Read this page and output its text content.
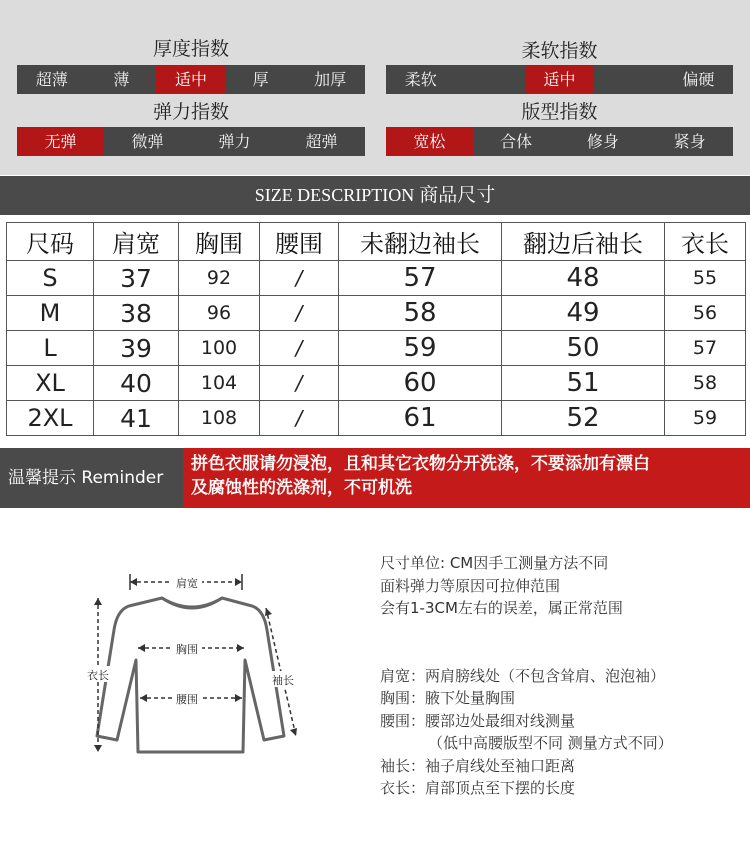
厚度指数
超薄	薄	适中	厚	加厚
柔软指数
柔软	适中	偏硬
弹力指数
无弹	微弹	弹力	超弹
版型指数
宽松	合体	修身	紧身
SIZE DESCRIPTION 商品尺寸
尺码	肩宽	胸围	腰围	未翻边袖长	翻边后袖长	衣长
S	37	92	/	57	48	55
M	38	96	/	58	49	56
L	39	100	/	59	50	57
XL	40	104	/	60	51	58
2XL	41	108	/	61	52	59
温馨提示 Reminder
拼色衣服请勿浸泡，且和其它衣物分开洗涤，不要添加有漂白
及腐蚀性的洗涤剂，不可机洗
肩宽
胸围
腰围
衣长	袖长
尺寸单位: CM因手工测量方法不同
面料弹力等原因可拉伸范围
会有1-3CM左右的误差，属正常范围
肩宽：两肩膀线处（不包含耸肩、泡泡袖）
胸围：腋下处量胸围
腰围：腰部边处最细对线测量
（低中高腰版型不同 测量方式不同）
袖长：袖子肩线处至袖口距离
衣长：肩部顶点至下摆的长度
